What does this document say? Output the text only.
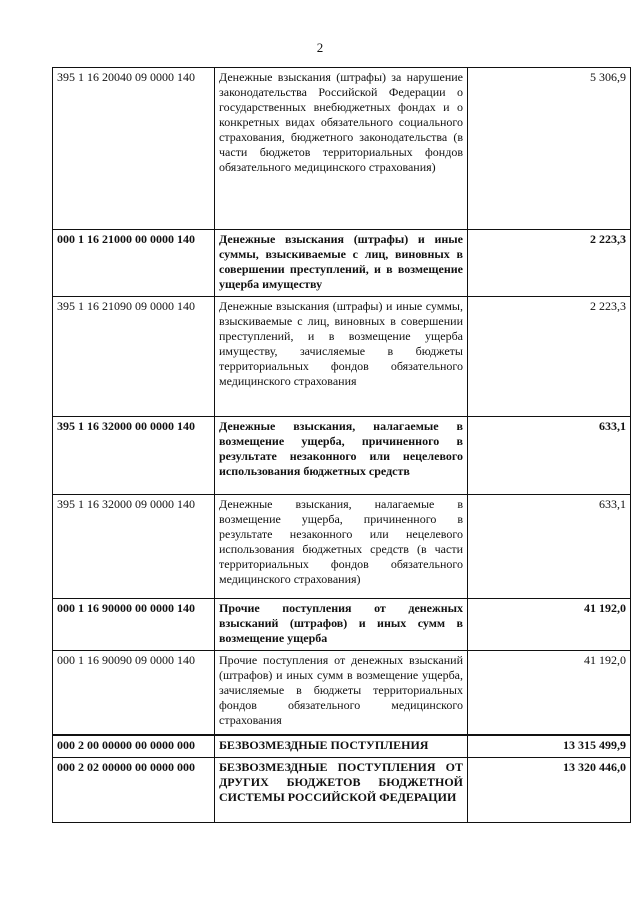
2
395 1 16 20040 09 0000 140	Денежные взыскания (штрафы) за нарушение законодательства Российской Федерации о государственных внебюджетных фондах и о конкретных видах обязательного социального страхования, бюджетного законодательства (в части бюджетов территориальных фондов обязательного медицинского страхования)	5 306,9
000 1 16 21000 00 0000 140	Денежные взыскания (штрафы) и иные суммы, взыскиваемые с лиц, виновных в совершении преступлений, и в возмещение ущерба имуществу	2 223,3
395 1 16 21090 09 0000 140	Денежные взыскания (штрафы) и иные суммы, взыскиваемые с лиц, виновных в совершении преступлений, и в возмещение ущерба имуществу, зачисляемые в бюджеты территориальных фондов обязательного медицинского страхования	2 223,3
395 1 16 32000 00 0000 140	Денежные взыскания, налагаемые в возмещение ущерба, причиненного в результате незаконного или нецелевого использования бюджетных средств	633,1
395 1 16 32000 09 0000 140	Денежные взыскания, налагаемые в возмещение ущерба, причиненного в результате незаконного или нецелевого использования бюджетных средств (в части территориальных фондов обязательного медицинского страхования)	633,1
000 1 16 90000 00 0000 140	Прочие поступления от денежных взысканий (штрафов) и иных сумм в возмещение ущерба	41 192,0
000 1 16 90090 09 0000 140	Прочие поступления от денежных взысканий (штрафов) и иных сумм в возмещение ущерба, зачисляемые в бюджеты территориальных фондов обязательного медицинского страхования	41 192,0
000 2 00 00000 00 0000 000	БЕЗВОЗМЕЗДНЫЕ ПОСТУПЛЕНИЯ	13 315 499,9
000 2 02 00000 00 0000 000	БЕЗВОЗМЕЗДНЫЕ ПОСТУПЛЕНИЯ ОТ ДРУГИХ БЮДЖЕТОВ БЮДЖЕТНОЙ СИСТЕМЫ РОССИЙСКОЙ ФЕДЕРАЦИИ	13 320 446,0
